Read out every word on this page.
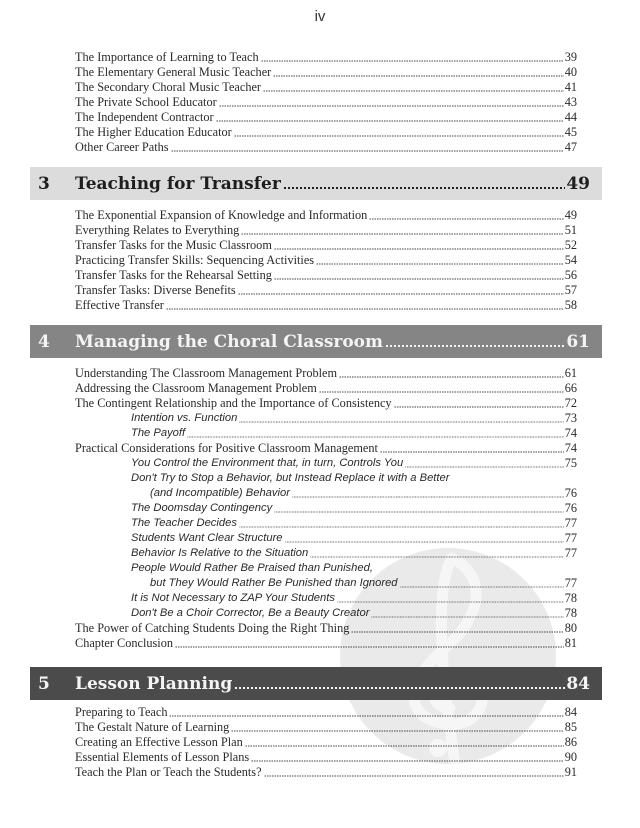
iv
The Importance of Learning to Teach	39
The Elementary General Music Teacher	40
The Secondary Choral Music Teacher	41
The Private School Educator	43
The Independent Contractor	44
The Higher Education Educator	45
Other Career Paths	47
3	Teaching for Transfer	49
The Exponential Expansion of Knowledge and Information	49
Everything Relates to Everything	51
Transfer Tasks for the Music Classroom	52
Practicing Transfer Skills: Sequencing Activities	54
Transfer Tasks for the Rehearsal Setting	56
Transfer Tasks: Diverse Benefits	57
Effective Transfer	58
4	Managing the Choral Classroom	61
Understanding The Classroom Management Problem	61
Addressing the Classroom Management Problem	66
The Contingent Relationship and the Importance of Consistency	72
Intention vs. Function	73
The Payoff	74
Practical Considerations for Positive Classroom Management	74
You Control the Environment that, in turn, Controls You	75
Don't Try to Stop a Behavior, but Instead Replace it with a Better
(and Incompatible) Behavior	76
The Doomsday Contingency	76
The Teacher Decides	77
Students Want Clear Structure	77
Behavior Is Relative to the Situation	77
People Would Rather Be Praised than Punished,
but They Would Rather Be Punished than Ignored	77
It is Not Necessary to ZAP Your Students	78
Don't Be a Choir Corrector, Be a Beauty Creator	78
The Power of Catching Students Doing the Right Thing	80
Chapter Conclusion	81
5	Lesson Planning	84
Preparing to Teach	84
The Gestalt Nature of Learning	85
Creating an Effective Lesson Plan	86
Essential Elements of Lesson Plans	90
Teach the Plan or Teach the Students?	91
